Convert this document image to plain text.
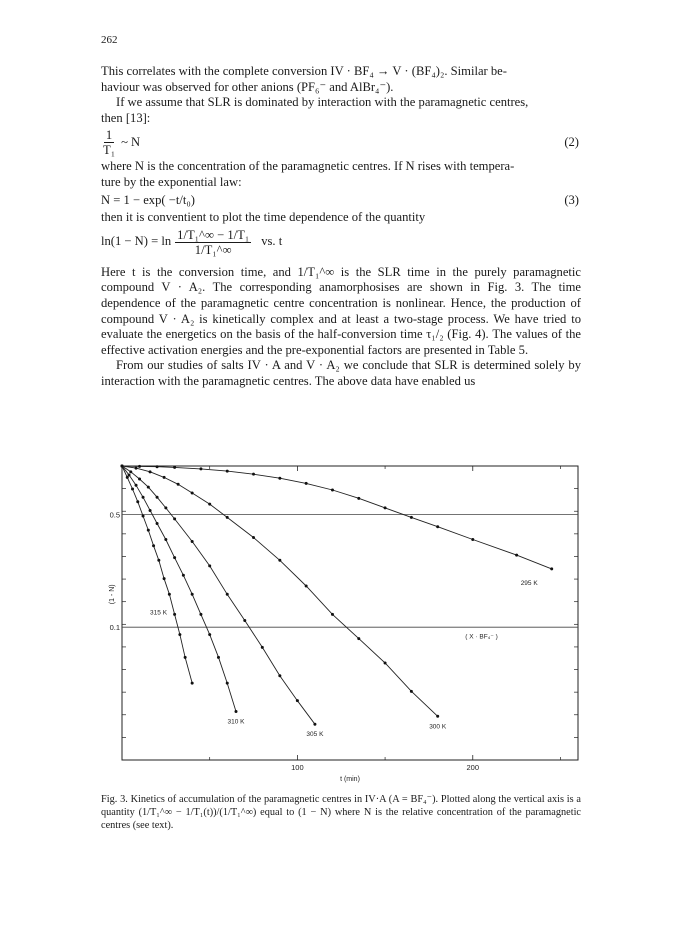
262

This correlates with the complete conversion IV · BF₄ → V · (BF₄)₂. Similar be-
haviour was observed for other anions (PF₆⁻ and AlBr₄⁻).

If we assume that SLR is dominated by interaction with the paramagnetic centres,
then [13]:

$\frac{1}{\text{T₁}}$ ~ N	(2)

where N is the concentration of the paramagnetic centres. If N rises with tempera-
ture by the exponential law:

N = 1 − exp( −t/t₀)	(3)

then it is conventient to plot the time dependence of the quantity

$\ln(1 - N) = \ln \frac{\text{1/T₁\textasciicircum{}∞ − 1/T₁}}{\text{1/T₁\textasciicircum{}∞}}$ vs. t

Here t is the conversion time, and 1/T₁^∞ is the SLR time in the purely paramagnetic compound V · A₂. The corresponding anamorphosises are shown in Fig. 3. The time dependence of the paramagnetic centre concentration is nonlinear. Hence, the production of compound V · A₂ is kinetically complex and at least a two-stage process. We have tried to evaluate the energetics on the basis of the half-conversion time τ₁/₂ (Fig. 4). The values of the effective activation energies and the pre-exponential factors are presented in Table 5.

From our studies of salts IV · A and V · A₂ we conclude that SLR is determined solely by interaction with the paramagnetic centres. The above data have enabled us

0.5
0.1
100	200
t (min)
(1 - N)
295 K
300 K
305 K
310 K
315 K
( X · BF₄⁻ )
Fig. 3. Kinetics of accumulation of the paramagnetic centres in IV·A (A = BF₄⁻). Plotted along the vertical axis is a quantity (1/T₁^∞ − 1/T₁(t))/(1/T₁^∞) equal to (1 − N) where N is the relative concentration of the paramagnetic centres (see text).
